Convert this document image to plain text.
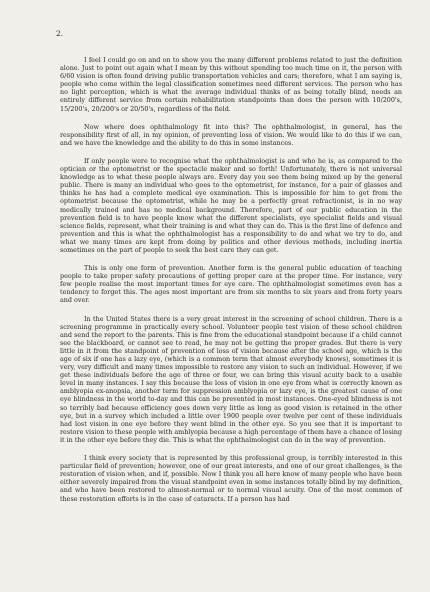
2.

I feel I could go on and on to show you the many different problems related to just the definition alone. Just to point out again what I mean by this without spending too much time on it, the person with 6/60 vision is often found driving public transportation vehicles and cars; therefore, what I am saying is, people who come within the legal classification sometimes need different services. The person who has no light perception, which is what the average individual thinks of as being totally blind, needs an entirely different service from certain rehabilitation standpoints than does the person with 10/200's, 15/200's, 20/200's or 20/50's, regardless of the field.

Now where does ophthalmology fit into this? The ophthalmologist, in general, has the responsibility first of all, in my opinion, of preventing loss of vision. We would like to do this if we can, and we have the knowledge and the ability to do this in some instances.

If only people were to recognise what the ophthalmologist is and who he is, as compared to the optician or the optometrist or the spectacle maker and so forth! Unfortunately, there is not universal knowledge as to what these people always are. Every day you see them being mixed up by the general public. There is many an individual who goes to the optometrist, for instance, for a pair of glasses and thinks he has had a complete medical eye examination. This is impossible for him to get from the optometrist because the optometrist, while he may be a perfectly great refractionist, is in no way medically trained and has no medical background. Therefore, part of our public education in the prevention field is to have people know what the different specialists, eye specialist fields and visual science fields, represent, what their training is and what they can do. This is the first line of defence and prevention and this is what the ophthalmologist has a responsibility to do and what we try to do, and what we many times are kept from doing by politics and other devious methods, including inertia sometimes on the part of people to seek the best care they can get.

This is only one form of prevention. Another form is the general public education of teaching people to take proper safety precautions of getting proper care at the proper time. For instance, very few people realise the most important times for eye care. The ophthalmologist sometimes even has a tendency to forget this. The ages most important are from six months to six years and from forty years and over.

In the United States there is a very great interest in the screening of school children. There is a screening programme in practically every school. Volunteer people test vision of these school children and send the report to the parents. This is fine from the educational standpoint because if a child cannot see the blackboard, or cannot see to read, he may not be getting the proper grades. But there is very little in it from the standpoint of prevention of loss of vision because after the school age, which is the age of six if one has a lazy eye, (which is a common term that almost everybody knows), sometimes it is very, very difficult and many times impossible to restore any vision to such an individual. However, if we get these individuals before the age of three or four, we can bring this visual acuity back to a usable level in many instances. I say this because the loss of vision in one eye from what is correctly known as amblyopia ex-anopsia, another term for suppression amblyopia or lazy eye, is the greatest cause of one eye blindness in the world to-day and this can be prevented in most instances. One-eyed blindness is not so terribly bad because efficiency goes down very little as long as good vision is retained in the other eye, but in a survey which included a little over 1900 people over twelve per cent of these individuals had lost vision in one eye before they went blind in the other eye. So you see that it is important to restore vision to these people with amblyopia because a high percentage of them have a chance of losing it in the other eye before they die. This is what the ophthalmologist can do in the way of prevention.

I think every society that is represented by this professional group, is terribly interested in this particular field of prevention; however, one of our great interests, and one of our great challenges, is the restoration of vision when, and if, possible. Now I think you all here know of many people who have been either severely impaired from the visual standpoint even in some instances totally blind by my definition, and who have been restored to almost-normal or to normal visual acuity. One of the most common of these restoration efforts is in the case of cataracts. If a person has had
